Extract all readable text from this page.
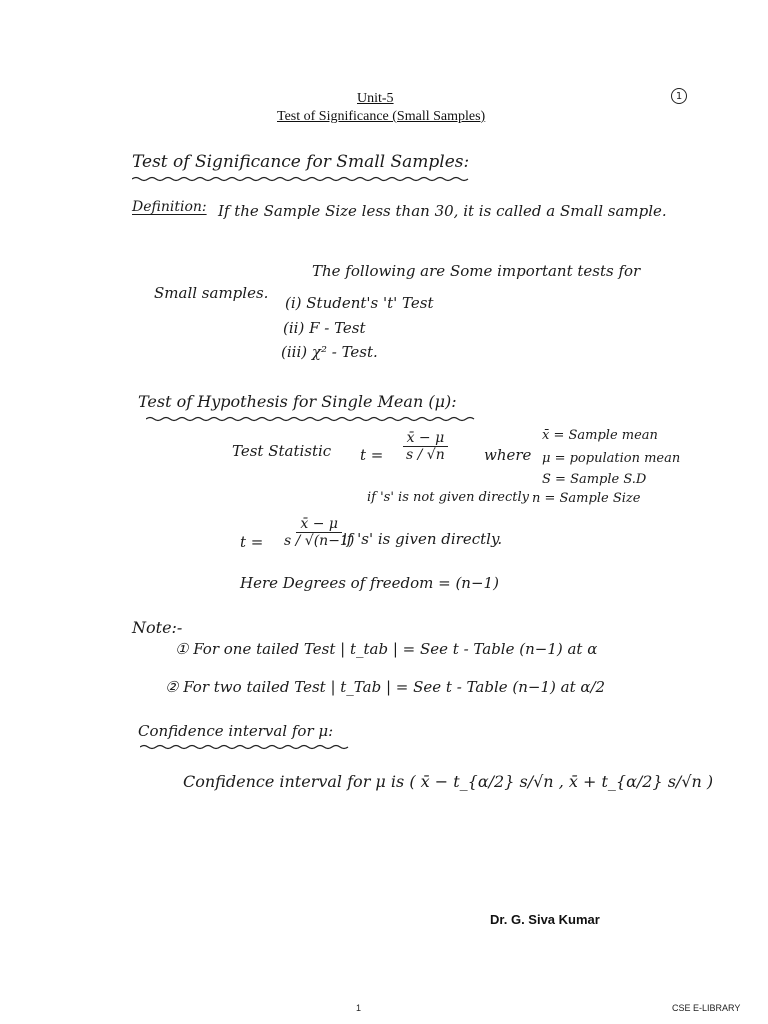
Unit-5
Test of Significance (Small Samples)
1
Test of Significance for Small Samples:
Definition: If the Sample Size less than 30, it is called a Small sample.
The following are Some important tests for
Small samples.
(i) Student's 't' Test
(ii) F - Test
(iii) χ² - Test.
Test of Hypothesis for Single Mean (μ):
Test Statistic $t = \frac{x̄ - \mu}{s / √n}$ where
x̄ = Sample mean
μ = population mean
S = Sample S.D
n = Sample Size
if 's' is not given directly
$t = \frac{x̄ - \mu}{s / √(n-1)}$
if 's' is given directly.
Here Degrees of freedom = (n−1)
Note:-
① For one tailed Test | t_tab | = See t - Table (n−1) at α
② For two tailed Test | t_Tab | = See t - Table (n−1) at α/2
Confidence interval for μ:
Confidence interval for μ is ( x̄ − t_{α/2} s/√n , x̄ + t_{α/2} s/√n )
Dr. G. Siva Kumar
1	CSE E-LIBRARY
